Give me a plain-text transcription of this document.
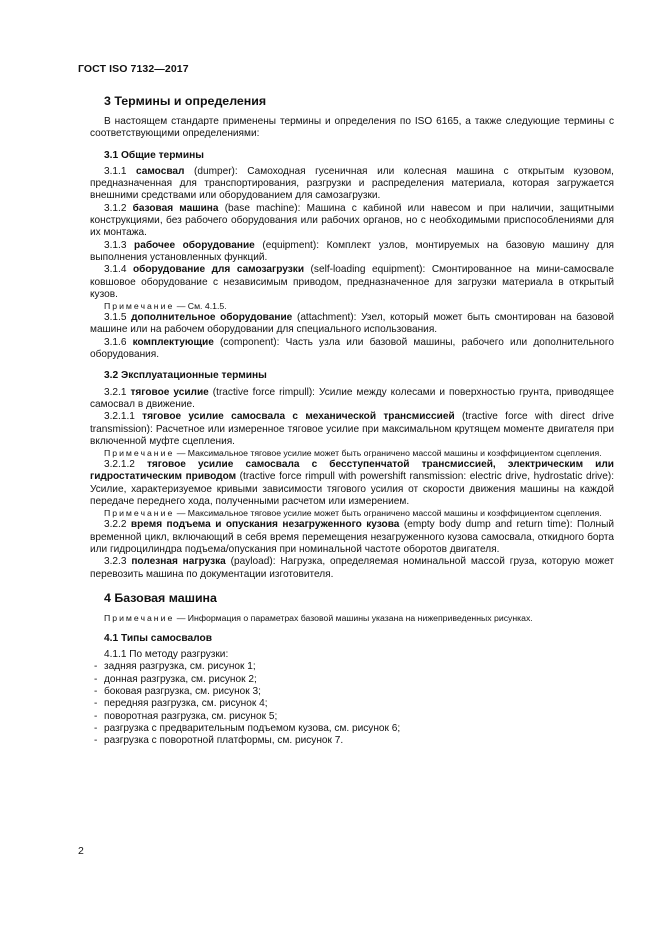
ГОСТ ISO 7132—2017
3 Термины и определения

В настоящем стандарте применены термины и определения по ISO 6165, а также следующие термины с соответствующими определениями:

3.1 Общие термины

3.1.1 самосвал (dumper): Самоходная гусеничная или колесная машина с открытым кузовом, предназначенная для транспортирования, разгрузки и распределения материала, которая загружается внешними средствами или оборудованием для самозагрузки.

3.1.2 базовая машина (base machine): Машина с кабиной или навесом и при наличии, защитными конструкциями, без рабочего оборудования или рабочих органов, но с необходимыми приспособлениями для их монтажа.

3.1.3 рабочее оборудование (equipment): Комплект узлов, монтируемых на базовую машину для выполнения установленных функций.

3.1.4 оборудование для самозагрузки (self-loading equipment): Смонтированное на мини-самосвале ковшовое оборудование с независимым приводом, предназначенное для загрузки материала в открытый кузов.

Примечание — См. 4.1.5.

3.1.5 дополнительное оборудование (attachment): Узел, который может быть смонтирован на базовой машине или на рабочем оборудовании для специального использования.

3.1.6 комплектующие (component): Часть узла или базовой машины, рабочего или дополнительного оборудования.

3.2 Эксплуатационные термины

3.2.1 тяговое усилие (tractive force rimpull): Усилие между колесами и поверхностью грунта, приводящее самосвал в движение.

3.2.1.1 тяговое усилие самосвала с механической трансмиссией (tractive force with direct drive transmission): Расчетное или измеренное тяговое усилие при максимальном крутящем моменте двигателя при включенной муфте сцепления.

Примечание — Максимальное тяговое усилие может быть ограничено массой машины и коэффициентом сцепления.

3.2.1.2 тяговое усилие самосвала с бесступенчатой трансмиссией, электрическим или гидростатическим приводом (tractive force rimpull with powershift ransmission: electric drive, hydrostatic drive): Усилие, характеризуемое кривыми зависимости тягового усилия от скорости движения машины на каждой передаче переднего хода, полученными расчетом или измерением.

Примечание — Максимальное тяговое усилие может быть ограничено массой машины и коэффициентом сцепления.

3.2.2 время подъема и опускания незагруженного кузова (empty body dump and return time): Полный временной цикл, включающий в себя время перемещения незагруженного кузова самосвала, откидного борта или гидроцилиндра подъема/опускания при номинальной частоте оборотов двигателя.

3.2.3 полезная нагрузка (payload): Нагрузка, определяемая номинальной массой груза, которую может перевозить машина по документации изготовителя.

4 Базовая машина

Примечание — Информация о параметрах базовой машины указана на нижеприведенных рисунках.

4.1 Типы самосвалов

4.1.1 По методу разгрузки:

- задняя разгрузка, см. рисунок 1;
- донная разгрузка, см. рисунок 2;
- боковая разгрузка, см. рисунок 3;
- передняя разгрузка, см. рисунок 4;
- поворотная разгрузка, см. рисунок 5;
- разгрузка с предварительным подъемом кузова, см. рисунок 6;
- разгрузка с поворотной платформы, см. рисунок 7.
2
